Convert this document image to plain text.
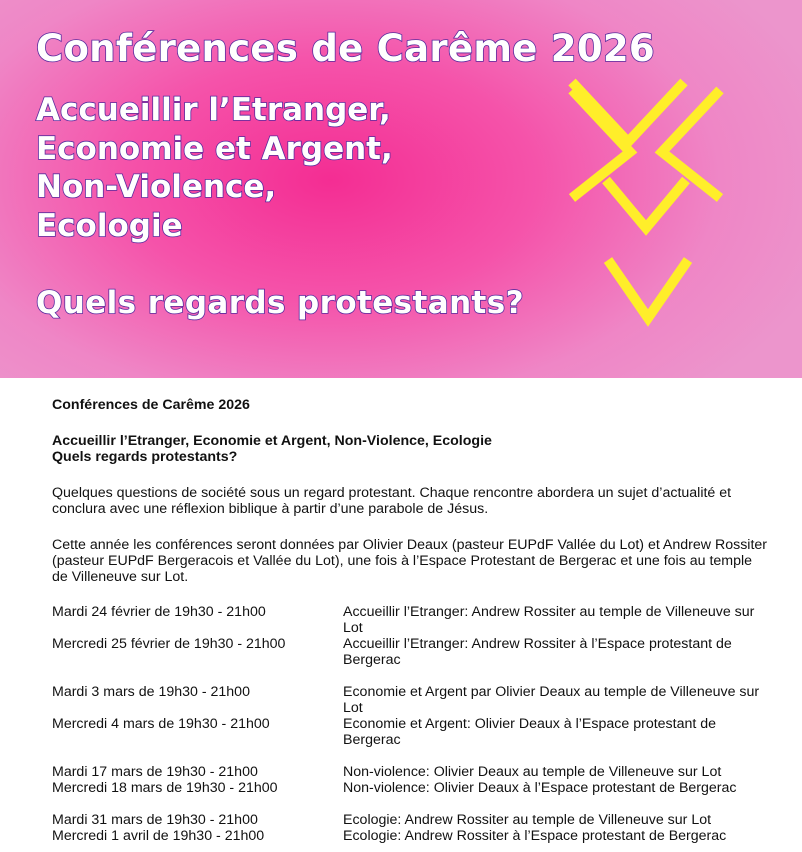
Conférences de Carême 2026
Accueillir l’Etranger,
Economie et Argent,
Non-Violence,
Ecologie
Quels regards protestants?

Conférences de Carême 2026

Accueillir l’Etranger, Economie et Argent, Non-Violence, Ecologie
Quels regards protestants?

Quelques questions de société sous un regard protestant. Chaque rencontre abordera un sujet d’actualité et conclura avec une réflexion biblique à partir d’une parabole de Jésus.

Cette année les conférences seront données par Olivier Deaux (pasteur EUPdF Vallée du Lot) et Andrew Rossiter (pasteur EUPdF Bergeracois et Vallée du Lot), une fois à l’Espace Protestant de Bergerac et une fois au temple de Villeneuve sur Lot.

Mardi 24 février de 19h30 - 21h00	Accueillir l’Etranger: Andrew Rossiter au temple de Villeneuve sur Lot
Mercredi 25 février de 19h30 - 21h00	Accueillir l’Etranger: Andrew Rossiter à l’Espace protestant de Bergerac
Mardi 3 mars de 19h30 - 21h00	Economie et Argent par Olivier Deaux au temple de Villeneuve sur Lot
Mercredi 4 mars de 19h30 - 21h00	Economie et Argent: Olivier Deaux à l’Espace protestant de Bergerac
Mardi 17 mars de 19h30 - 21h00	Non-violence: Olivier Deaux au temple de Villeneuve sur Lot
Mercredi 18 mars de 19h30 - 21h00	Non-violence: Olivier Deaux à l’Espace protestant de Bergerac
Mardi 31 mars de 19h30 - 21h00	Ecologie: Andrew Rossiter au temple de Villeneuve sur Lot
Mercredi 1 avril de 19h30 - 21h00	Ecologie: Andrew Rossiter à l’Espace protestant de Bergerac
